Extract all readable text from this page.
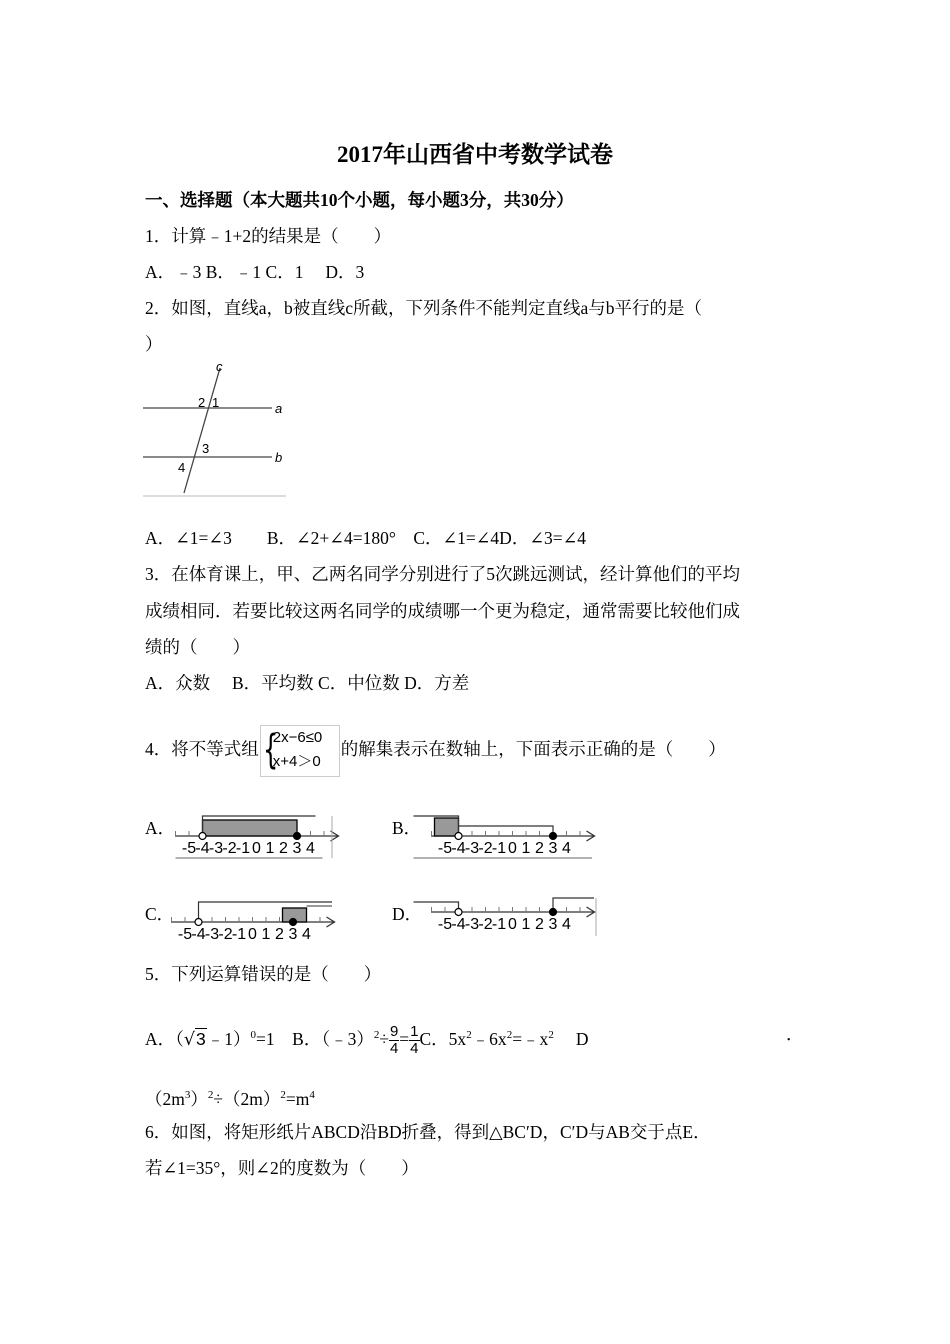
2017年山西省中考数学试卷
一、选择题（本大题共10个小题，每小题3分，共30分）
1．计算﹣1+2的结果是（　　）
A．﹣3 B．﹣1 C．1　 D．3
2．如图，直线a，b被直线c所截，下列条件不能判定直线a与b平行的是（
）
c
a
b
2 1
3
4
A．∠1=∠3　　B．∠2+∠4=180°　C．∠1=∠4D．∠3=∠4
3．在体育课上，甲、乙两名同学分别进行了5次跳远测试，经计算他们的平均
成绩相同．若要比较这两名同学的成绩哪一个更为稳定，通常需要比较他们成
绩的（　　）
A．众数　 B．平均数 C．中位数 D．方差
4．将不等式组 {
2x−6≤0
x+4＞0
的解集表示在数轴上，下面表示正确的是（　　）
A．	B．
C．	D．
-5 -4 -3 -2 -1 0 1 2 3 4	-5 -4 -3 -2 -1 0 1 2 3 4
-5 -4 -3 -2 -1 0 1 2 3 4
-5 -4 -3 -2 -1 0 1 2 3 4
5．下列运算错误的是（　　）
A．（√3﹣1）$^0$=1　B．（﹣3）$^2$÷ $\frac{9}{4}= \frac{1}{4}C$．$5x^2﹣6x^2=﹣x^2$ D	．
$(2m^3)^2\div(2m)^2=m^4$
6．如图，将矩形纸片ABCD沿BD折叠，得到△BC′D，C′D与AB交于点E．
若∠1=35°，则∠2的度数为（　　）
